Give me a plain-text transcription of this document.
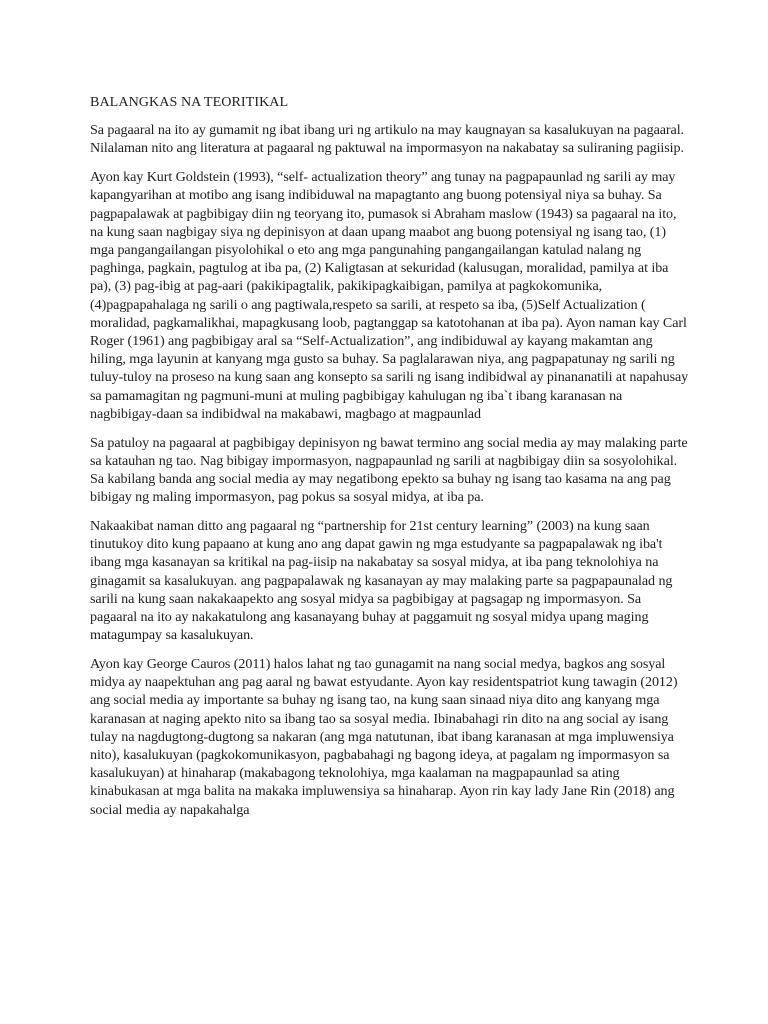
BALANGKAS NA TEORITIKAL

Sa pagaaral na ito ay gumamit ng ibat ibang uri ng artikulo na may kaugnayan sa kasalukuyan na pagaaral. Nilalaman nito ang literatura at pagaaral ng paktuwal na impormasyon na nakabatay sa suliraning pagiisip.

Ayon kay Kurt Goldstein (1993), “self- actualization theory” ang tunay na pagpapaunlad ng sarili ay may kapangyarihan at motibo ang isang indibiduwal na mapagtanto ang buong potensiyal niya sa buhay. Sa pagpapalawak at pagbibigay diin ng teoryang ito, pumasok si Abraham maslow (1943) sa pagaaral na ito, na kung saan nagbigay siya ng depinisyon at daan upang maabot ang buong potensiyal ng isang tao, (1) mga pangangailangan pisyolohikal o eto ang mga pangunahing pangangailangan katulad nalang ng paghinga, pagkain, pagtulog at iba pa, (2) Kaligtasan at sekuridad (kalusugan, moralidad, pamilya at iba pa), (3) pag-ibig at pag-aari (pakikipagtalik, pakikipagkaibigan, pamilya at pagkokomunika, (4)pagpapahalaga ng sarili o ang pagtiwala,respeto sa sarili, at respeto sa iba, (5)Self Actualization ( moralidad, pagkamalikhai, mapagkusang loob, pagtanggap sa katotohanan at iba pa). Ayon naman kay Carl Roger (1961) ang pagbibigay aral sa “Self-Actualization”, ang indibiduwal ay kayang makamtan ang hiling, mga layunin at kanyang mga gusto sa buhay. Sa paglalarawan niya, ang pagpapatunay ng sarili ng tuluy-tuloy na proseso na kung saan ang konsepto sa sarili ng isang indibidwal ay pinananatili at napahusay sa pamamagitan ng pagmuni-muni at muling pagbibigay kahulugan ng iba`t ibang karanasan na nagbibigay-daan sa indibidwal na makabawi, magbago at magpaunlad

Sa patuloy na pagaaral at pagbibigay depinisyon ng bawat termino ang social media ay may malaking parte sa katauhan ng tao. Nag bibigay impormasyon, nagpapaunlad ng sarili at nagbibigay diin sa sosyolohikal. Sa kabilang banda ang social media ay may negatibong epekto sa buhay ng isang tao kasama na ang pag bibigay ng maling impormasyon, pag pokus sa sosyal midya, at iba pa.

Nakaakibat naman ditto ang pagaaral ng “partnership for 21st century learning” (2003) na kung saan tinutukoy dito kung papaano at kung ano ang dapat gawin ng mga estudyante sa pagpapalawak ng iba't ibang mga kasanayan sa kritikal na pag-iisip na nakabatay sa sosyal midya, at iba pang teknolohiya na ginagamit sa kasalukuyan. ang pagpapalawak ng kasanayan ay may malaking parte sa pagpapaunalad ng sarili na kung saan nakakaapekto ang sosyal midya sa pagbibigay at pagsagap ng impormasyon. Sa pagaaral na ito ay nakakatulong ang kasanayang buhay at paggamuit ng sosyal midya upang maging matagumpay sa kasalukuyan.

Ayon kay George Cauros (2011) halos lahat ng tao gunagamit na nang social medya, bagkos ang sosyal midya ay naapektuhan ang pag aaral ng bawat estyudante. Ayon kay residentspatriot kung tawagin (2012) ang social media ay importante sa buhay ng isang tao, na kung saan sinaad niya dito ang kanyang mga karanasan at naging apekto nito sa ibang tao sa sosyal media. Ibinabahagi rin dito na ang social ay isang tulay na nagdugtong-dugtong sa nakaran (ang mga natutunan, ibat ibang karanasan at mga impluwensiya nito), kasalukuyan (pagkokomunikasyon, pagbabahagi ng bagong ideya, at pagalam ng impormasyon sa kasalukuyan) at hinaharap (makabagong teknolohiya, mga kaalaman na magpapaunlad sa ating kinabukasan at mga balita na makaka impluwensiya sa hinaharap. Ayon rin kay lady Jane Rin (2018) ang social media ay napakahalga
